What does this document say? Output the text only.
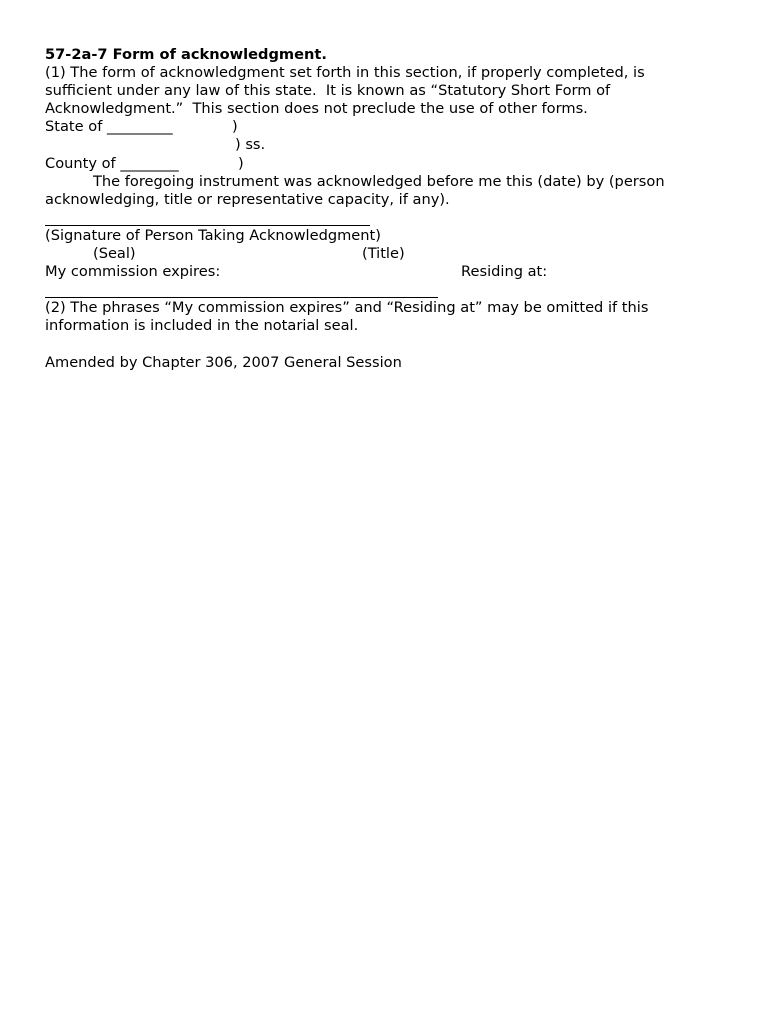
57-2a-7 Form of acknowledgment.
(1) The form of acknowledgment set forth in this section, if properly completed, is
sufficient under any law of this state.  It is known as “Statutory Short Form of
Acknowledgment.”  This section does not preclude the use of other forms.

State of _________

	)

) ss.

County of ________

	)

The foregoing instrument was acknowledged before me this (date) by (person

acknowledging, title or representative capacity, if any).

(Signature of Person Taking Acknowledgment)

(Seal)

	(Title)

My commission expires:

	Residing at:

(2) The phrases “My commission expires” and “Residing at” may be omitted if this
information is included in the notarial seal.
Amended by Chapter 306, 2007 General Session
